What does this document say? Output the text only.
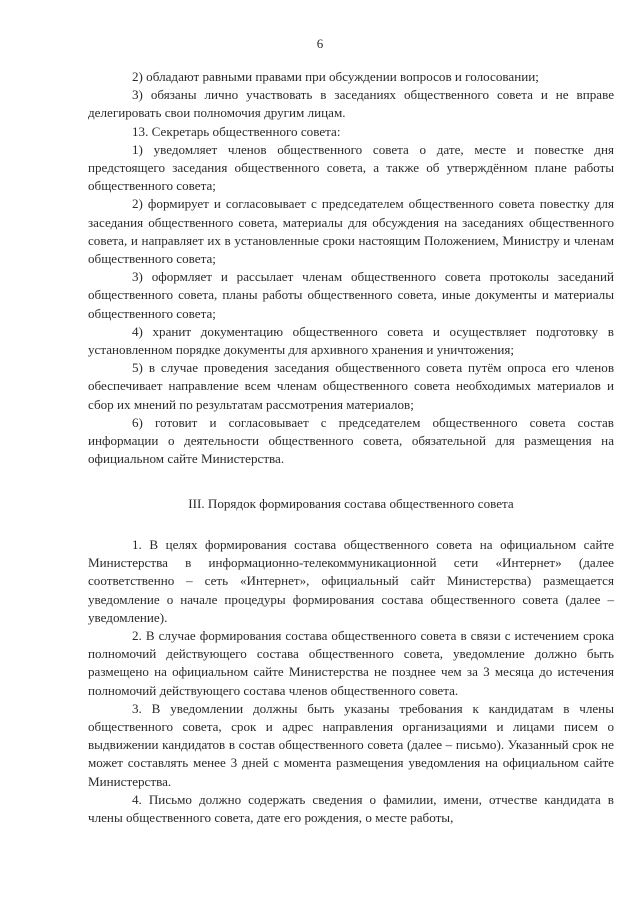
6

2) обладают равными правами при обсуждении вопросов и голосовании;

3) обязаны лично участвовать в заседаниях общественного совета и не вправе делегировать свои полномочия другим лицам.

13. Секретарь общественного совета:

1) уведомляет членов общественного совета о дате, месте и повестке дня предстоящего заседания общественного совета, а также об утверждённом плане работы общественного совета;

2) формирует и согласовывает с председателем общественного совета повестку для заседания общественного совета, материалы для обсуждения на заседаниях общественного совета, и направляет их в установленные сроки настоящим Положением, Министру и членам общественного совета;

3) оформляет и рассылает членам общественного совета протоколы заседаний общественного совета, планы работы общественного совета, иные документы и материалы общественного совета;

4) хранит документацию общественного совета и осуществляет подготовку в установленном порядке документы для архивного хранения и уничтожения;

5) в случае проведения заседания общественного совета путём опроса его членов обеспечивает направление всем членам общественного совета необходимых материалов и сбор их мнений по результатам рассмотрения материалов;

6) готовит и согласовывает с председателем общественного совета состав информации о деятельности общественного совета, обязательной для размещения на официальном сайте Министерства.

III. Порядок формирования состава общественного совета

1. В целях формирования состава общественного совета на официальном сайте Министерства в информационно-телекоммуникационной сети «Интернет» (далее соответственно – сеть «Интернет», официальный сайт Министерства) размещается уведомление о начале процедуры формирования состава общественного совета (далее – уведомление).

2. В случае формирования состава общественного совета в связи с истечением срока полномочий действующего состава общественного совета, уведомление должно быть размещено на официальном сайте Министерства не позднее чем за 3 месяца до истечения полномочий действующего состава членов общественного совета.

3. В уведомлении должны быть указаны требования к кандидатам в члены общественного совета, срок и адрес направления организациями и лицами писем о выдвижении кандидатов в состав общественного совета (далее – письмо). Указанный срок не может составлять менее 3 дней с момента размещения уведомления на официальном сайте Министерства.

4. Письмо должно содержать сведения о фамилии, имени, отчестве кандидата в члены общественного совета, дате его рождения, о месте работы,
